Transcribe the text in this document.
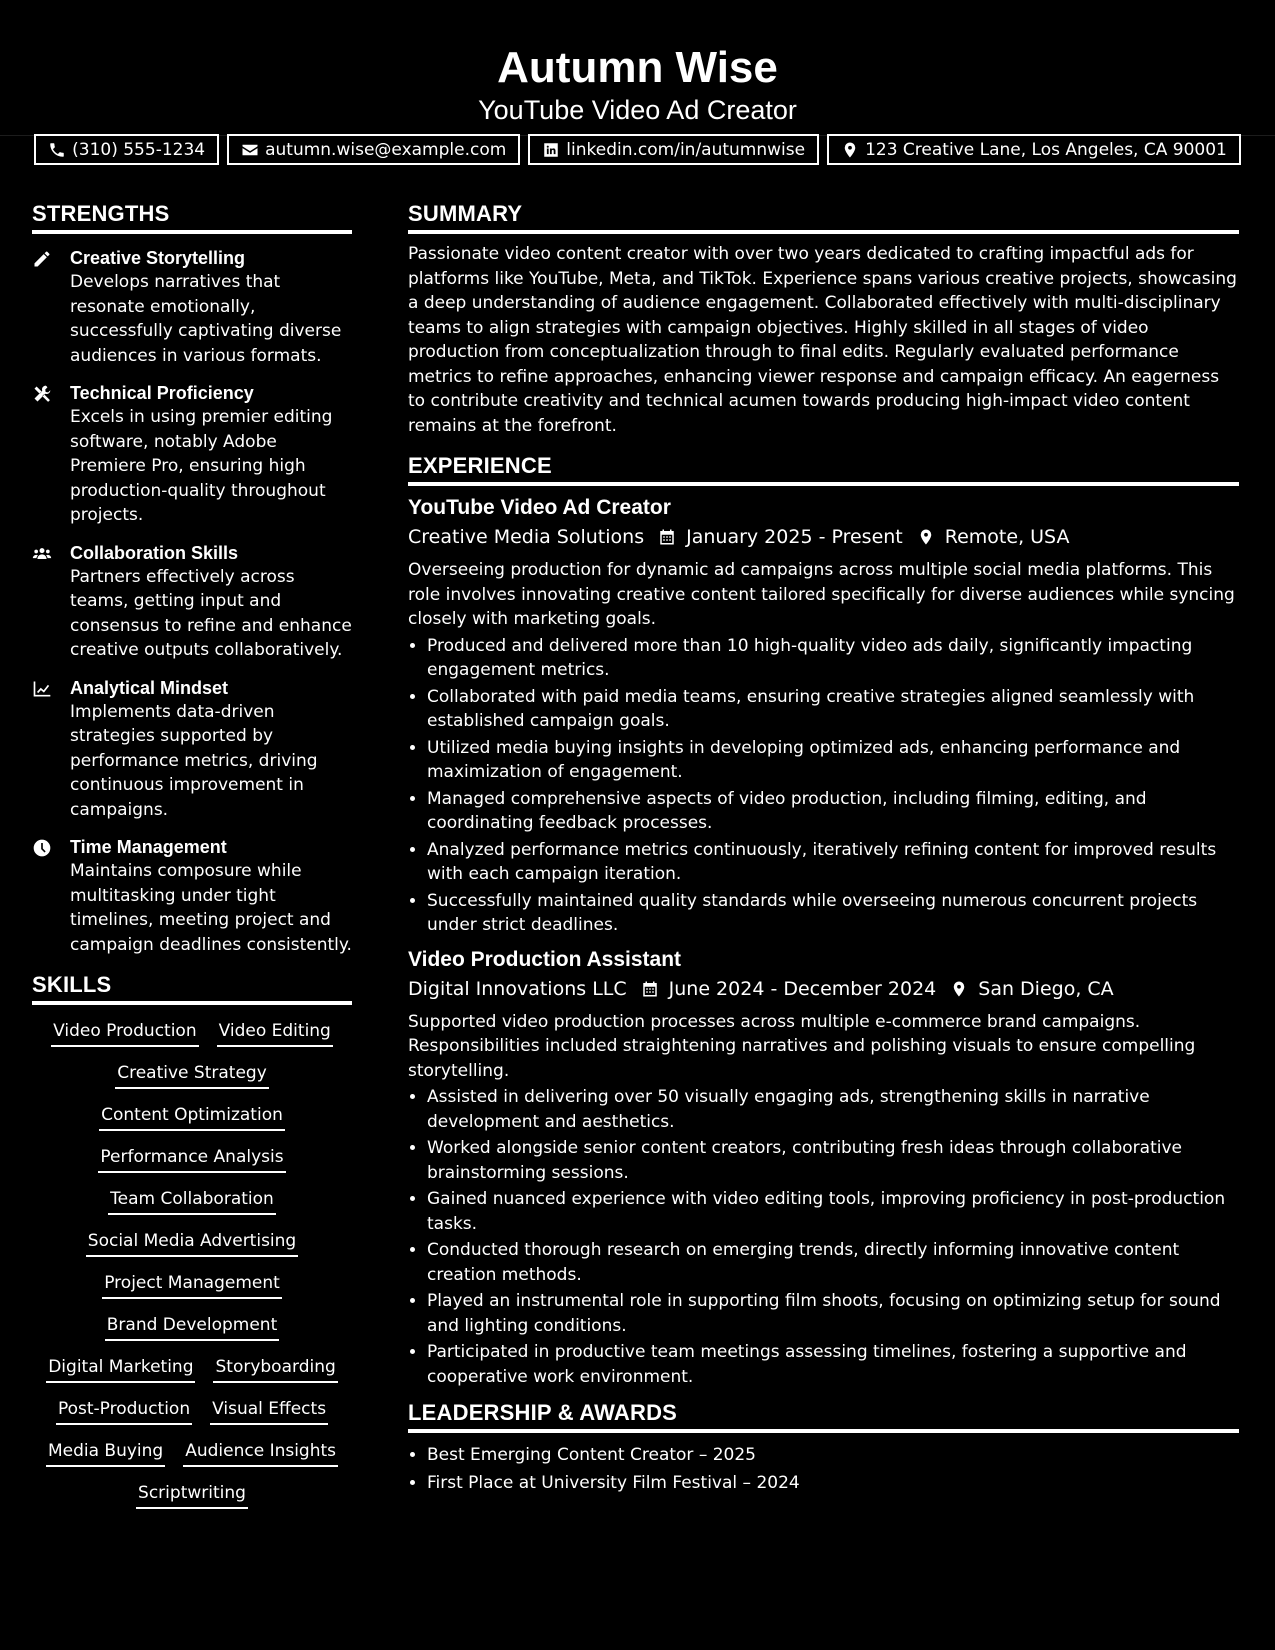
Autumn Wise
YouTube Video Ad Creator
(310) 555-1234	autumn.wise@example.com	linkedin.com/in/autumnwise	123 Creative Lane, Los Angeles, CA 90001
STRENGTHS
Creative Storytelling
Develops narratives that resonate emotionally, successfully captivating diverse audiences in various formats.
Technical Proficiency
Excels in using premier editing software, notably Adobe Premiere Pro, ensuring high production-quality throughout projects.
Collaboration Skills
Partners effectively across teams, getting input and consensus to refine and enhance creative outputs collaboratively.
Analytical Mindset
Implements data-driven strategies supported by performance metrics, driving continuous improvement in campaigns.
Time Management
Maintains composure while multitasking under tight timelines, meeting project and campaign deadlines consistently.
SKILLS
Video Production Video Editing
Creative Strategy
Content Optimization
Performance Analysis
Team Collaboration
Social Media Advertising
Project Management
Brand Development
Digital Marketing Storyboarding
Post-Production Visual Effects
Media Buying Audience Insights
Scriptwriting
SUMMARY

Passionate video content creator with over two years dedicated to crafting impactful ads for platforms like YouTube, Meta, and TikTok. Experience spans various creative projects, showcasing a deep understanding of audience engagement. Collaborated effectively with multi-disciplinary teams to align strategies with campaign objectives. Highly skilled in all stages of video production from conceptualization through to final edits. Regularly evaluated performance metrics to refine approaches, enhancing viewer response and campaign efficacy. An eagerness to contribute creativity and technical acumen towards producing high-impact video content remains at the forefront.

EXPERIENCE
YouTube Video Ad Creator
Creative Media Solutions January 2025 - Present Remote, USA

Overseeing production for dynamic ad campaigns across multiple social media platforms. This role involves innovating creative content tailored specifically for diverse audiences while syncing closely with marketing goals.

• Produced and delivered more than 10 high-quality video ads daily, significantly impacting engagement metrics.
• Collaborated with paid media teams, ensuring creative strategies aligned seamlessly with established campaign goals.
• Utilized media buying insights in developing optimized ads, enhancing performance and maximization of engagement.
• Managed comprehensive aspects of video production, including filming, editing, and coordinating feedback processes.
• Analyzed performance metrics continuously, iteratively refining content for improved results with each campaign iteration.
• Successfully maintained quality standards while overseeing numerous concurrent projects under strict deadlines.
Video Production Assistant
Digital Innovations LLC June 2024 - December 2024 San Diego, CA

Supported video production processes across multiple e-commerce brand campaigns. Responsibilities included straightening narratives and polishing visuals to ensure compelling storytelling.

• Assisted in delivering over 50 visually engaging ads, strengthening skills in narrative development and aesthetics.
• Worked alongside senior content creators, contributing fresh ideas through collaborative brainstorming sessions.
• Gained nuanced experience with video editing tools, improving proficiency in post-production tasks.
• Conducted thorough research on emerging trends, directly informing innovative content creation methods.
• Played an instrumental role in supporting film shoots, focusing on optimizing setup for sound and lighting conditions.
• Participated in productive team meetings assessing timelines, fostering a supportive and cooperative work environment.
LEADERSHIP & AWARDS
• Best Emerging Content Creator – 2025
• First Place at University Film Festival – 2024
